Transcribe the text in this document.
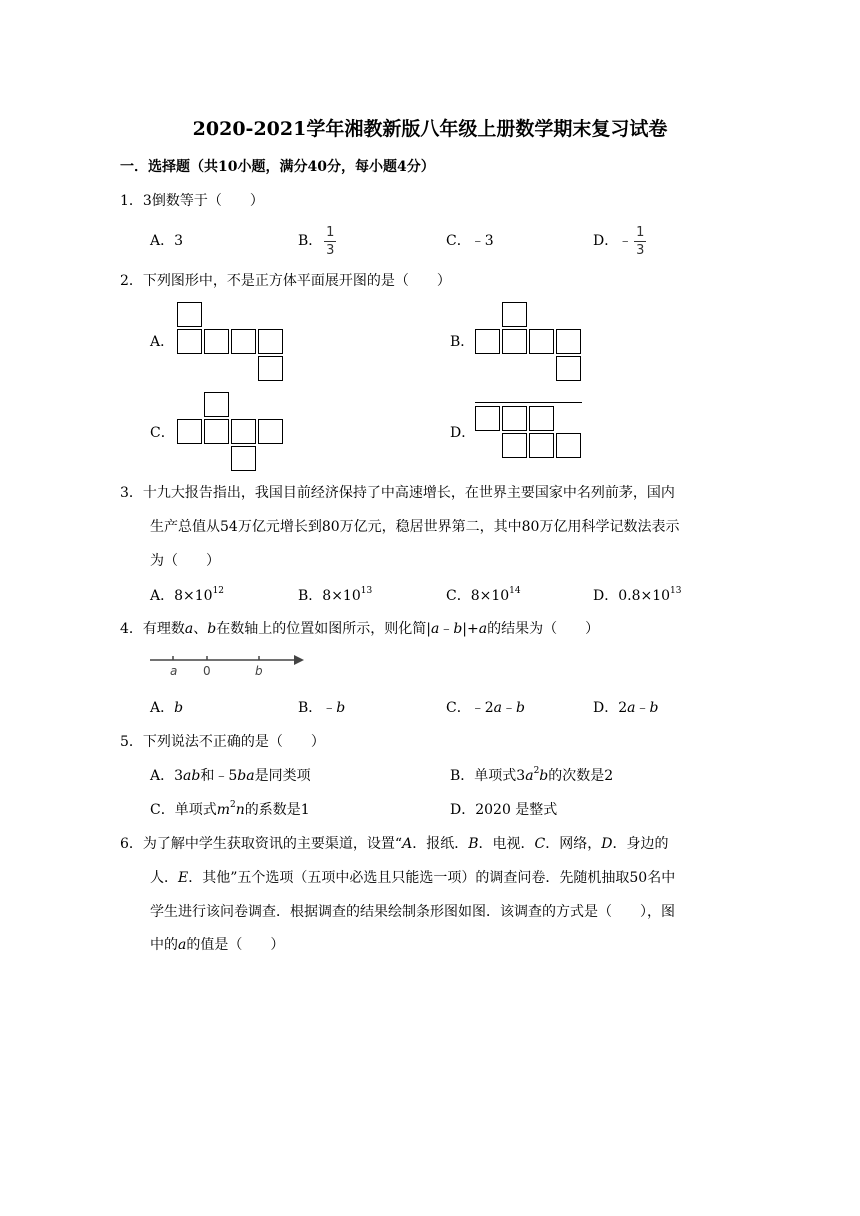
2020-2021学年湘教新版八年级上册数学期末复习试卷
一．选择题（共10小题，满分40分，每小题4分）
1．3倒数等于（　　）
A．3	B． $\frac{1}{3}$	C．﹣3	D．﹣ $\frac{1}{3}$
2．下列图形中，不是正方体平面展开图的是（　　）
A．	B．
C．	D．
3．十九大报告指出，我国目前经济保持了中高速增长，在世界主要国家中名列前茅，国内
生产总值从54万亿元增长到80万亿元，稳居世界第二，其中80万亿用科学记数法表示
为（　　）
A．$8\times 10^{12}$	B．$8\times 10^{13}$	C．$8\times 10^{14}$	D．$0.8\times 10^{13}$
4．有理数a、b在数轴上的位置如图所示，则化简|a﹣b|+a的结果为（　　）
a 0	b
A．b	B．﹣b	C．﹣2a﹣b	D．2a﹣b
5．下列说法不正确的是（　　）
A．3ab和﹣5ba是同类项	B．单项式$3a^2b$的次数是2
C．单项式$m^2n$的系数是1	D．2020 是整式
6．为了解中学生获取资讯的主要渠道，设置“A．报纸．B．电视．C．网络，D．身边的
人．E．其他”五个选项（五项中必选且只能选一项）的调查问卷．先随机抽取50名中
学生进行该问卷调查．根据调查的结果绘制条形图如图．该调查的方式是（　　），图
中的a的值是（　　）
